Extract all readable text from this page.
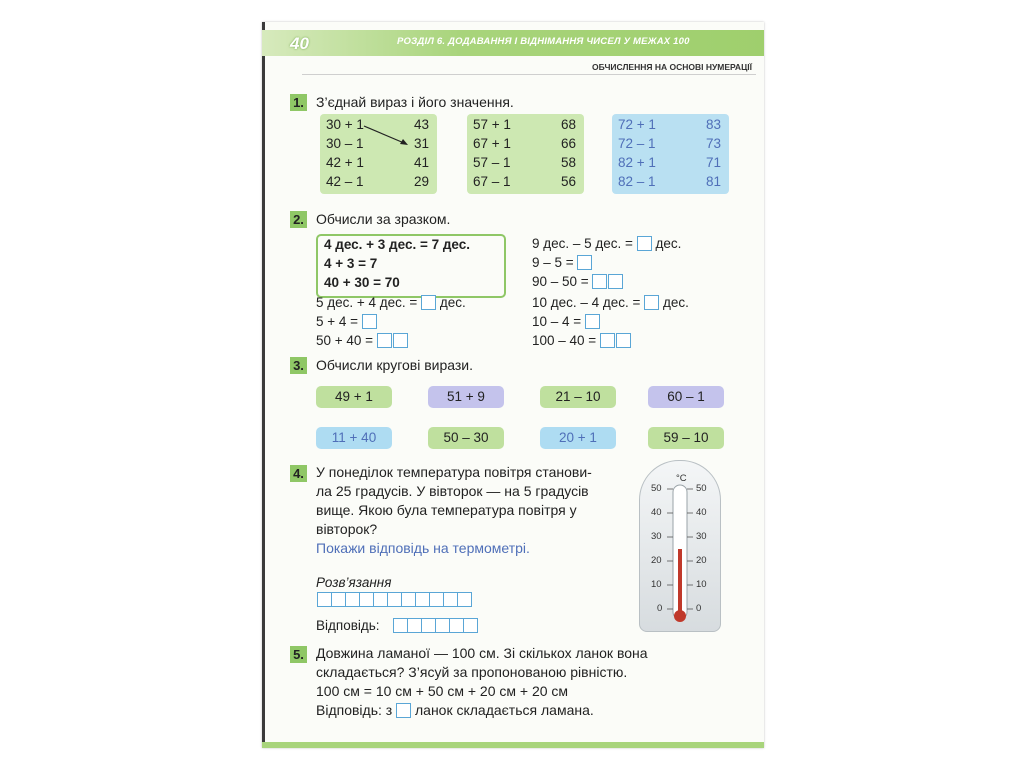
40	РОЗДІЛ 6. ДОДАВАННЯ І ВІДНІМАННЯ ЧИСЕЛ У МЕЖАХ 100
ОБЧИСЛЕННЯ НА ОСНОВІ НУМЕРАЦІЇ
1. З’єднай вираз і його значення.
30 + 1	43
30 – 1	31
42 + 1	41
42 – 1	29
57 + 1	68
67 + 1	66
57 – 1	58
67 – 1	56
72 + 1	83
72 – 1	73
82 + 1	71
82 – 1	81
2. Обчисли за зразком.
4 дес. + 3 дес. = 7 дес.
4 + 3 = 7
40 + 30 = 70
5 дес. + 4 дес. = дес.
5 + 4 =
50 + 40 =
9 дес. – 5 дес. = дес.
9 – 5 =
90 – 50 =
10 дес. – 4 дес. = дес.
10 – 4 =
100 – 40 =
3. Обчисли кругові вирази.
49 + 1	51 + 9	21 – 10	60 – 1
11 + 40	50 – 30	20 + 1	59 – 10
4. У понеділок температура повітря станови-
ла 25 градусів. У вівторок — на 5 градусів
вище. Якою була температура повітря у
вівторок?
Покажи відповідь на термометрі.
Розв’язання
Відповідь:
°C
50
40
30
20
10
0
50
40
30
20
10
0
5. Довжина ламаної — 100 см. Зі скількох ланок вона
складається? З’ясуй за пропонованою рівністю.
100 см = 10 см + 50 см + 20 см + 20 см
Відповідь: з ланок складається ламана.
